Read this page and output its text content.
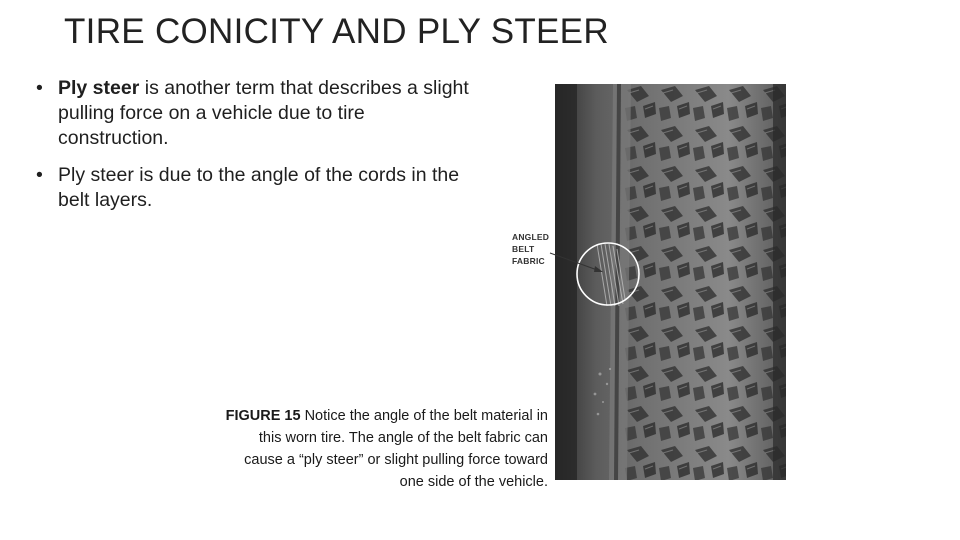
TIRE CONICITY AND PLY STEER
• Ply steer is another term that describes a slight pulling force on a vehicle due to tire construction.
• Ply steer is due to the angle of the cords in the belt layers.
ANGLED
BELT
FABRIC
FIGURE 15 Notice the angle of the belt material in this worn tire. The angle of the belt fabric can cause a “ply steer” or slight pulling force toward one side of the vehicle.
